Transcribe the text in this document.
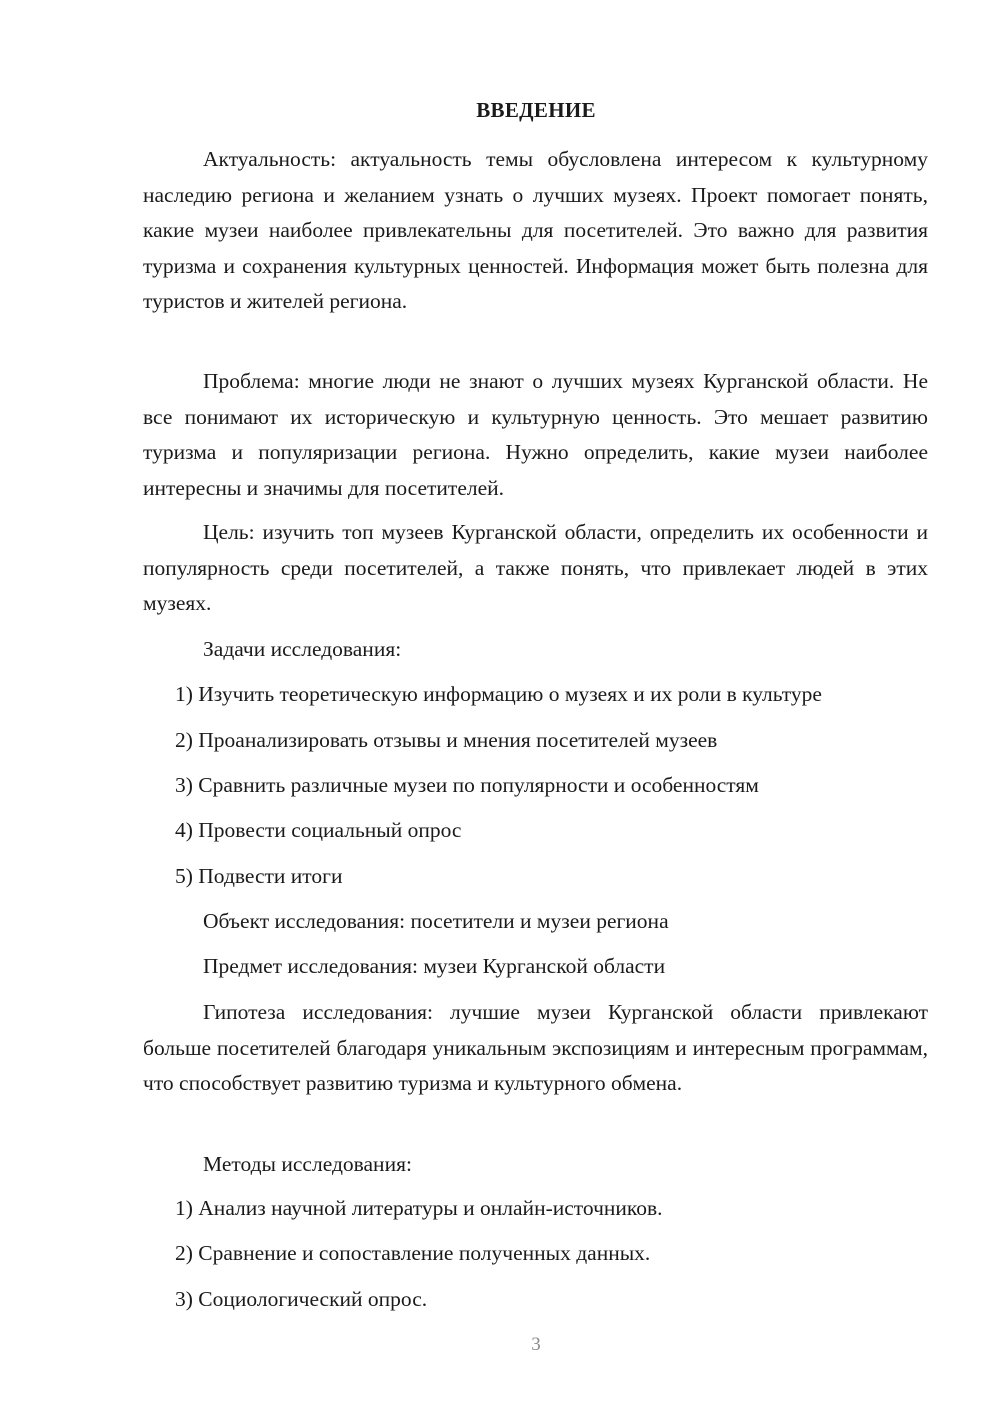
ВВЕДЕНИЕ

Актуальность: актуальность темы обусловлена интересом к культурному наследию региона и желанием узнать о лучших музеях. Проект помогает понять, какие музеи наиболее привлекательны для посетителей. Это важно для развития туризма и сохранения культурных ценностей. Информация может быть полезна для туристов и жителей региона.

Проблема: многие люди не знают о лучших музеях Курганской области. Не все понимают их историческую и культурную ценность. Это мешает развитию туризма и популяризации региона. Нужно определить, какие музеи наиболее интересны и значимы для посетителей.

Цель: изучить топ музеев Курганской области, определить их особенности и популярность среди посетителей, а также понять, что привлекает людей в этих музеях.

Задачи исследования:

1) Изучить теоретическую информацию о музеях и их роли в культуре

2) Проанализировать отзывы и мнения посетителей музеев

3) Сравнить различные музеи по популярности и особенностям

4) Провести социальный опрос

5) Подвести итоги

Объект исследования: посетители и музеи региона

Предмет исследования: музеи Курганской области

Гипотеза исследования: лучшие музеи Курганской области привлекают больше посетителей благодаря уникальным экспозициям и интересным программам, что способствует развитию туризма и культурного обмена.

Методы исследования:

1) Анализ научной литературы и онлайн-источников.

2) Сравнение и сопоставление полученных данных.

3) Социологический опрос.

3
